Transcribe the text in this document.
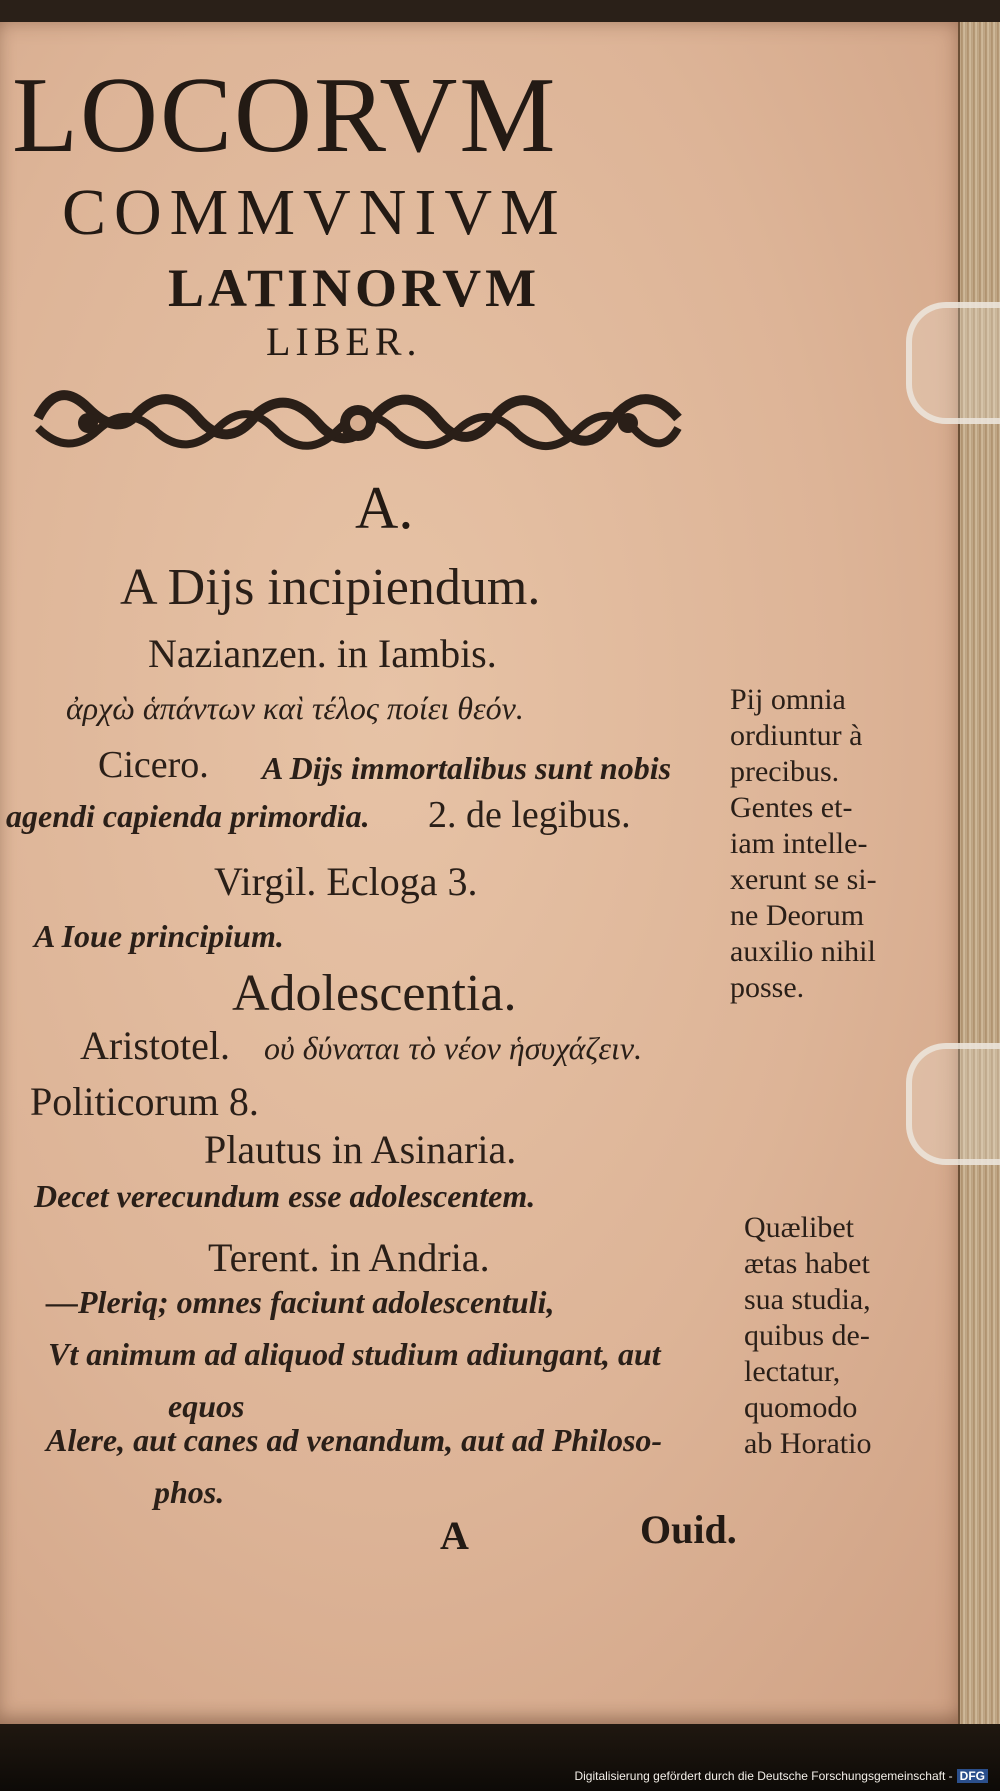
LOCORVM
COMMVNIVM
LATINORVM
LIBER.
A.
A Dijs incipiendum.
Nazianzen. in Iambis.
ἀρχὼ ἁπάντων καὶ τέλος ποίει θεόν.
Cicero. A Dijs immortalibus sunt nobis
agendi capienda primordia. 2. de legibus.
Virgil. Ecloga 3.
A Ioue principium.
Adolescentia.
Aristotel. οὐ δύναται τὸ νέον ἡσυχάζειν.
Politicorum 8.
Plautus in Asinaria.
Decet verecundum esse adolescentem.
Terent. in Andria.
—Pleriq; omnes faciunt adolescentuli,
Vt animum ad aliquod studium adiungant, aut
equos
Alere, aut canes ad venandum, aut ad Philoso-
phos.
Pij omnia
ordiuntur à
precibus.
Gentes et-
iam intelle-
xerunt se si-
ne Deorum
auxilio nihil
posse.
Quælibet
ætas habet
sua studia,
quibus de-
lectatur,
quomodo
ab Horatio
A	Ouid.
Digitalisierung gefördert durch die Deutsche Forschungsgemeinschaft - DFG
